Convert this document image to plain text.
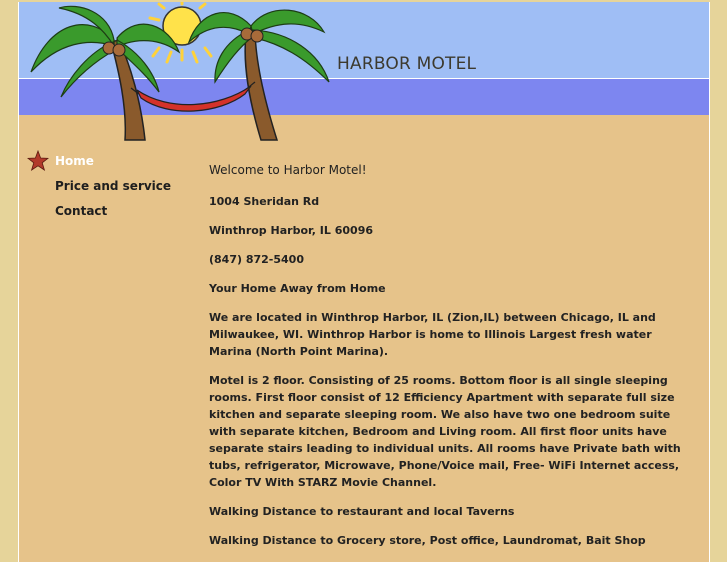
HARBOR MOTEL
Home
Price and service
Contact

Welcome to Harbor Motel!

1004 Sheridan Rd

Winthrop Harbor, IL 60096

(847) 872-5400

Your Home Away from Home

We are located in Winthrop Harbor, IL (Zion,IL) between Chicago, IL and Milwaukee, WI. Winthrop Harbor is home to Illinois Largest fresh water Marina (North Point Marina).

Motel is 2 floor. Consisting of 25 rooms. Bottom floor is all single sleeping rooms. First floor consist of 12 Efficiency Apartment with separate full size kitchen and separate sleeping room. We also have two one bedroom suite with separate kitchen, Bedroom and Living room. All first floor units have separate stairs leading to individual units. All rooms have Private bath with tubs, refrigerator, Microwave, Phone/Voice mail, Free- WiFi Internet access, Color TV With STARZ Movie Channel.

Walking Distance to restaurant and local Taverns

Walking Distance to Grocery store, Post office, Laundromat, Bait Shop
